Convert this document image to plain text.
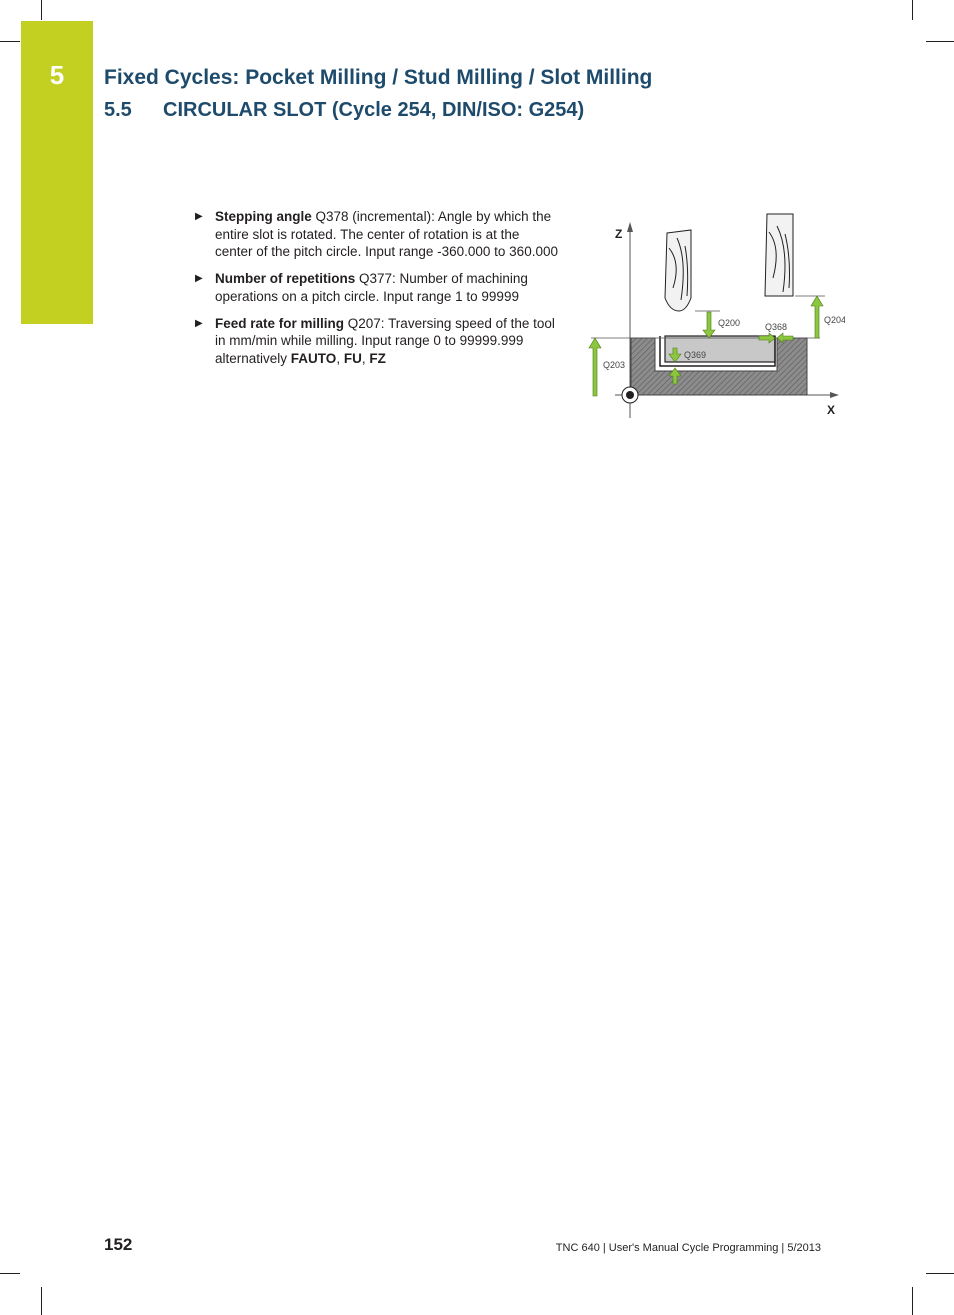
5	Fixed Cycles: Pocket Milling / Stud Milling / Slot Milling
5.5 CIRCULAR SLOT (Cycle 254, DIN/ISO: G254)
▶ Stepping angle Q378 (incremental): Angle by which the entire slot is rotated. The center of rotation is at the center of the pitch circle. Input range -360.000 to 360.000
▶ Number of repetitions Q377: Number of machining operations on a pitch circle. Input range 1 to 99999
▶ Feed rate for milling Q207: Traversing speed of the tool in mm/min while milling. Input range 0 to 99999.999 alternatively FAUTO, FU, FZ
Z
X
Q200	Q368
Q204
Q203
Q369
152	TNC 640 | User's Manual Cycle Programming | 5/2013
